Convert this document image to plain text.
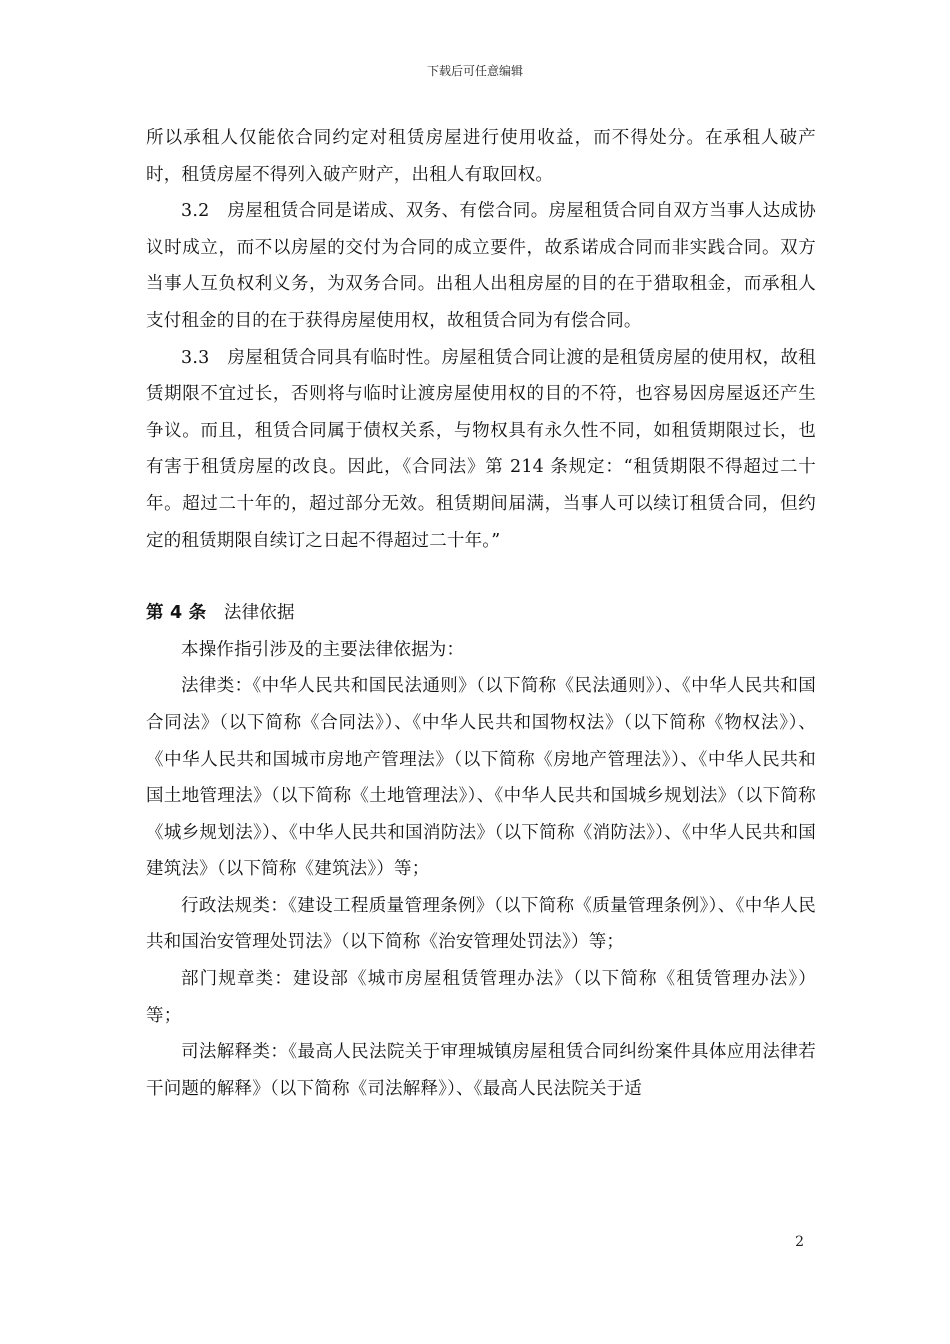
下载后可任意编辑

所以承租人仅能依合同约定对租赁房屋进行使用收益，而不得处分。在承租人破产时，租赁房屋不得列入破产财产，出租人有取回权。

3.2　房屋租赁合同是诺成、双务、有偿合同。房屋租赁合同自双方当事人达成协议时成立，而不以房屋的交付为合同的成立要件，故系诺成合同而非实践合同。双方当事人互负权利义务，为双务合同。出租人出租房屋的目的在于猎取租金，而承租人支付租金的目的在于获得房屋使用权，故租赁合同为有偿合同。

3.3　房屋租赁合同具有临时性。房屋租赁合同让渡的是租赁房屋的使用权，故租赁期限不宜过长，否则将与临时让渡房屋使用权的目的不符，也容易因房屋返还产生争议。而且，租赁合同属于债权关系，与物权具有永久性不同，如租赁期限过长，也有害于租赁房屋的改良。因此，《合同法》第 214 条规定：“租赁期限不得超过二十年。超过二十年的，超过部分无效。租赁期间届满，当事人可以续订租赁合同，但约定的租赁期限自续订之日起不得超过二十年。”

第 4 条 法律依据

本操作指引涉及的主要法律依据为：

法律类：《中华人民共和国民法通则》（以下简称《民法通则》）、《中华人民共和国合同法》（以下简称《合同法》）、《中华人民共和国物权法》（以下简称《物权法》）、《中华人民共和国城市房地产管理法》（以下简称《房地产管理法》）、《中华人民共和国土地管理法》（以下简称《土地管理法》）、《中华人民共和国城乡规划法》（以下简称《城乡规划法》）、《中华人民共和国消防法》（以下简称《消防法》）、《中华人民共和国建筑法》（以下简称《建筑法》）等；

行政法规类：《建设工程质量管理条例》（以下简称《质量管理条例》）、《中华人民共和国治安管理处罚法》（以下简称《治安管理处罚法》）等；

部门规章类：建设部《城市房屋租赁管理办法》（以下简称《租赁管理办法》）等；

司法解释类：《最高人民法院关于审理城镇房屋租赁合同纠纷案件具体应用法律若干问题的解释》（以下简称《司法解释》）、《最高人民法院关于适

2
